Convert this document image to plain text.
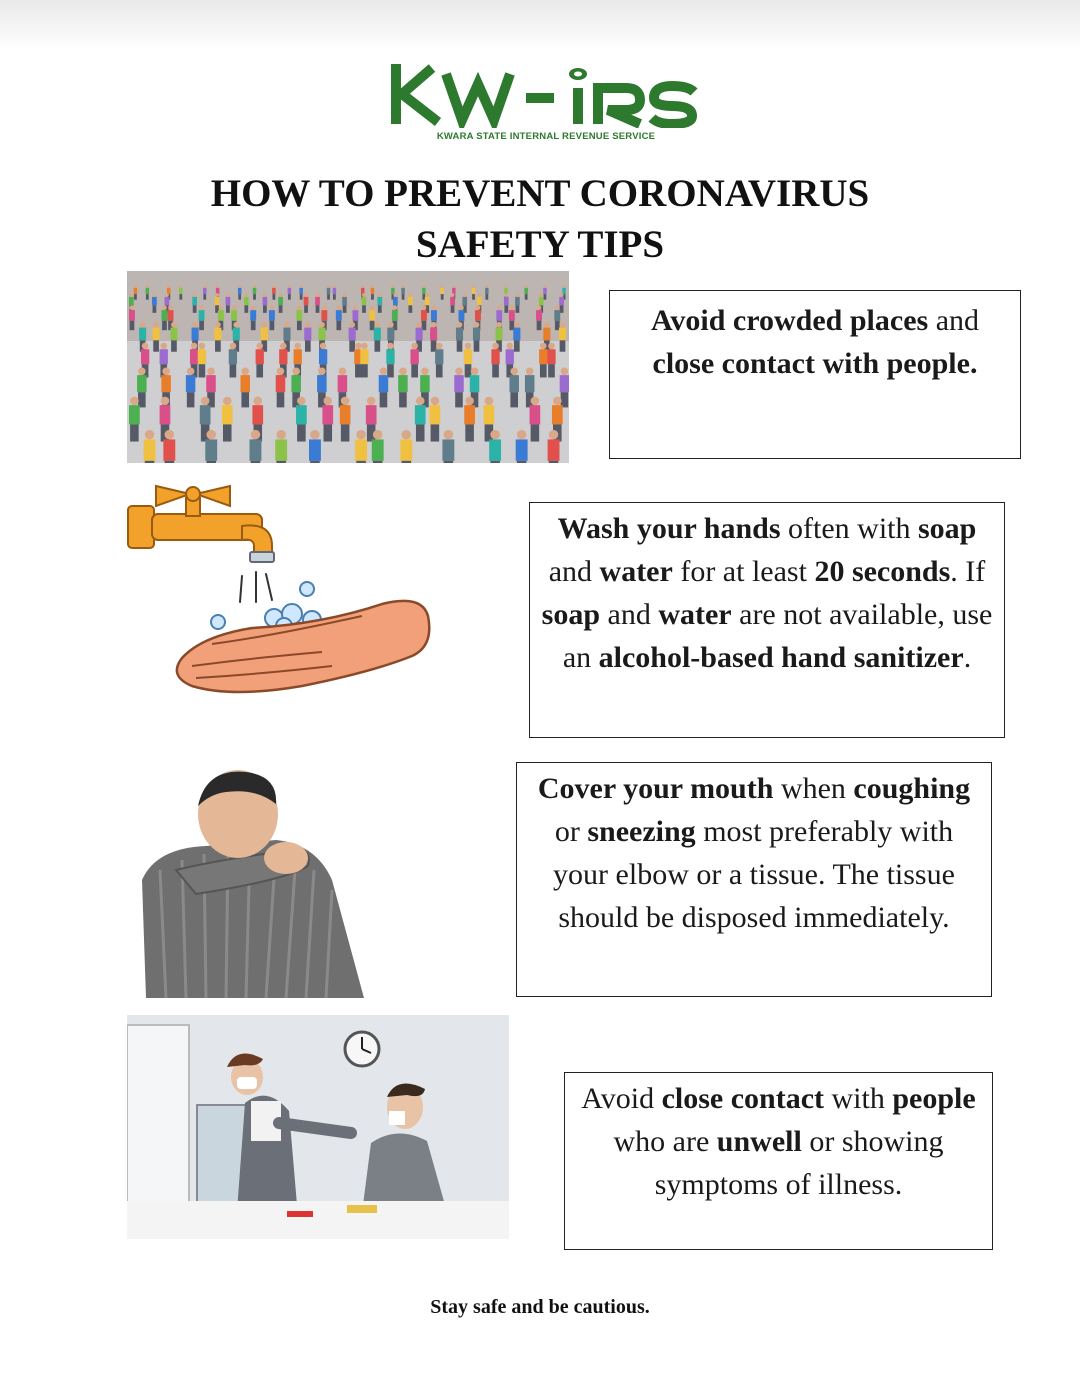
KWARA STATE INTERNAL REVENUE SERVICE
HOW TO PREVENT CORONAVIRUS
SAFETY TIPS
Avoid crowded places and close contact with people.
Wash your hands often with soap and water for at least 20 seconds. If soap and water are not available, use an alcohol-based hand sanitizer.
Cover your mouth when coughing or sneezing most preferably with your elbow or a tissue. The tissue should be disposed immediately.
Avoid close contact with people who are unwell or showing symptoms of illness.
Stay safe and be cautious.
